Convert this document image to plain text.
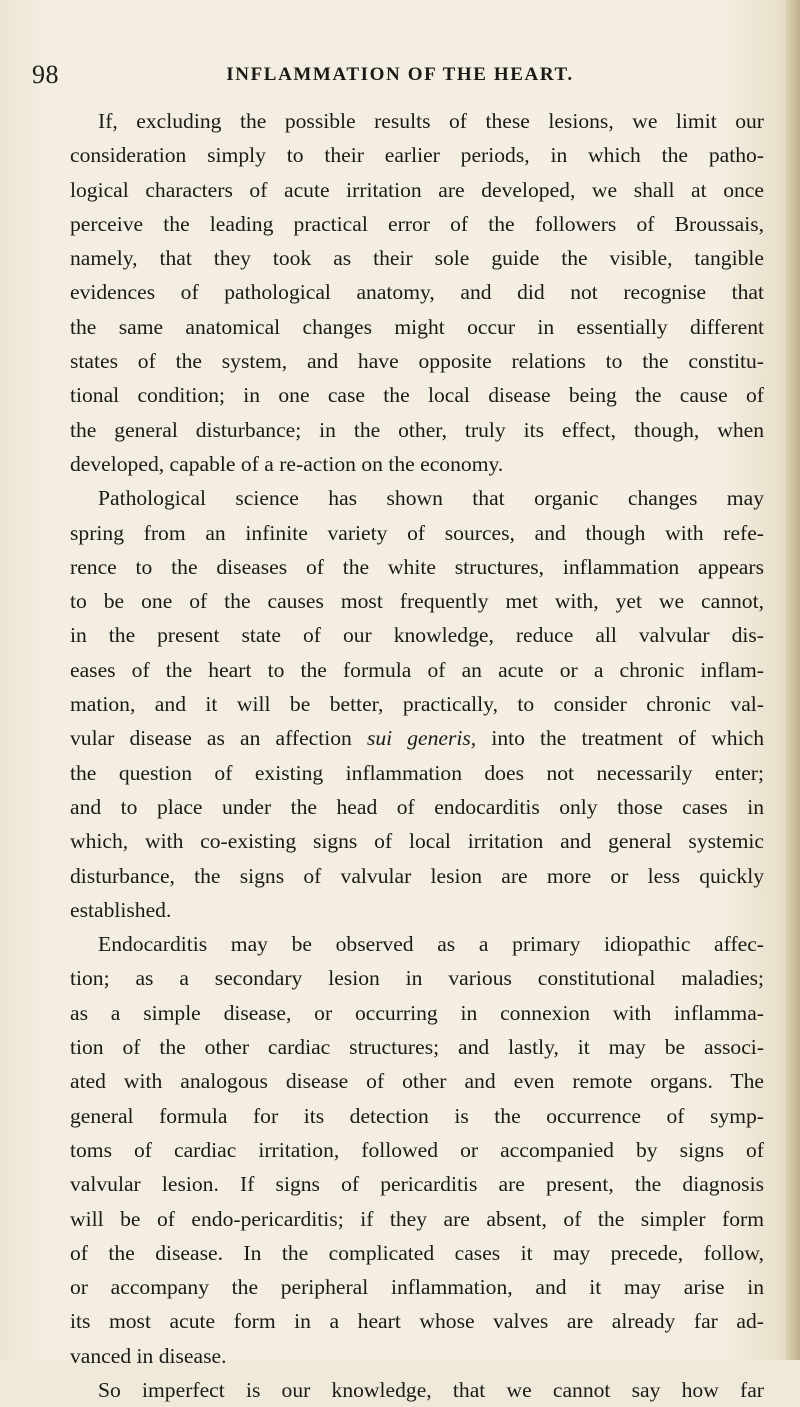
98	INFLAMMATION OF THE HEART.
If, excluding the possible results of these lesions, we limit our
consideration simply to their earlier periods, in which the patho-
logical characters of acute irritation are developed, we shall at once
perceive the leading practical error of the followers of Broussais,
namely, that they took as their sole guide the visible, tangible
evidences of pathological anatomy, and did not recognise that
the same anatomical changes might occur in essentially different
states of the system, and have opposite relations to the constitu-
tional condition; in one case the local disease being the cause of
the general disturbance; in the other, truly its effect, though, when
developed, capable of a re-action on the economy.
Pathological science has shown that organic changes may
spring from an infinite variety of sources, and though with refe-
rence to the diseases of the white structures, inflammation appears
to be one of the causes most frequently met with, yet we cannot,
in the present state of our knowledge, reduce all valvular dis-
eases of the heart to the formula of an acute or a chronic inflam-
mation, and it will be better, practically, to consider chronic val-
vular disease as an affection sui generis, into the treatment of which
the question of existing inflammation does not necessarily enter;
and to place under the head of endocarditis only those cases in
which, with co-existing signs of local irritation and general systemic
disturbance, the signs of valvular lesion are more or less quickly
established.
Endocarditis may be observed as a primary idiopathic affec-
tion; as a secondary lesion in various constitutional maladies;
as a simple disease, or occurring in connexion with inflamma-
tion of the other cardiac structures; and lastly, it may be associ-
ated with analogous disease of other and even remote organs. The
general formula for its detection is the occurrence of symp-
toms of cardiac irritation, followed or accompanied by signs of
valvular lesion. If signs of pericarditis are present, the diagnosis
will be of endo-pericarditis; if they are absent, of the simpler form
of the disease. In the complicated cases it may precede, follow,
or accompany the peripheral inflammation, and it may arise in
its most acute form in a heart whose valves are already far ad-
vanced in disease.
So imperfect is our knowledge, that we cannot say how far
